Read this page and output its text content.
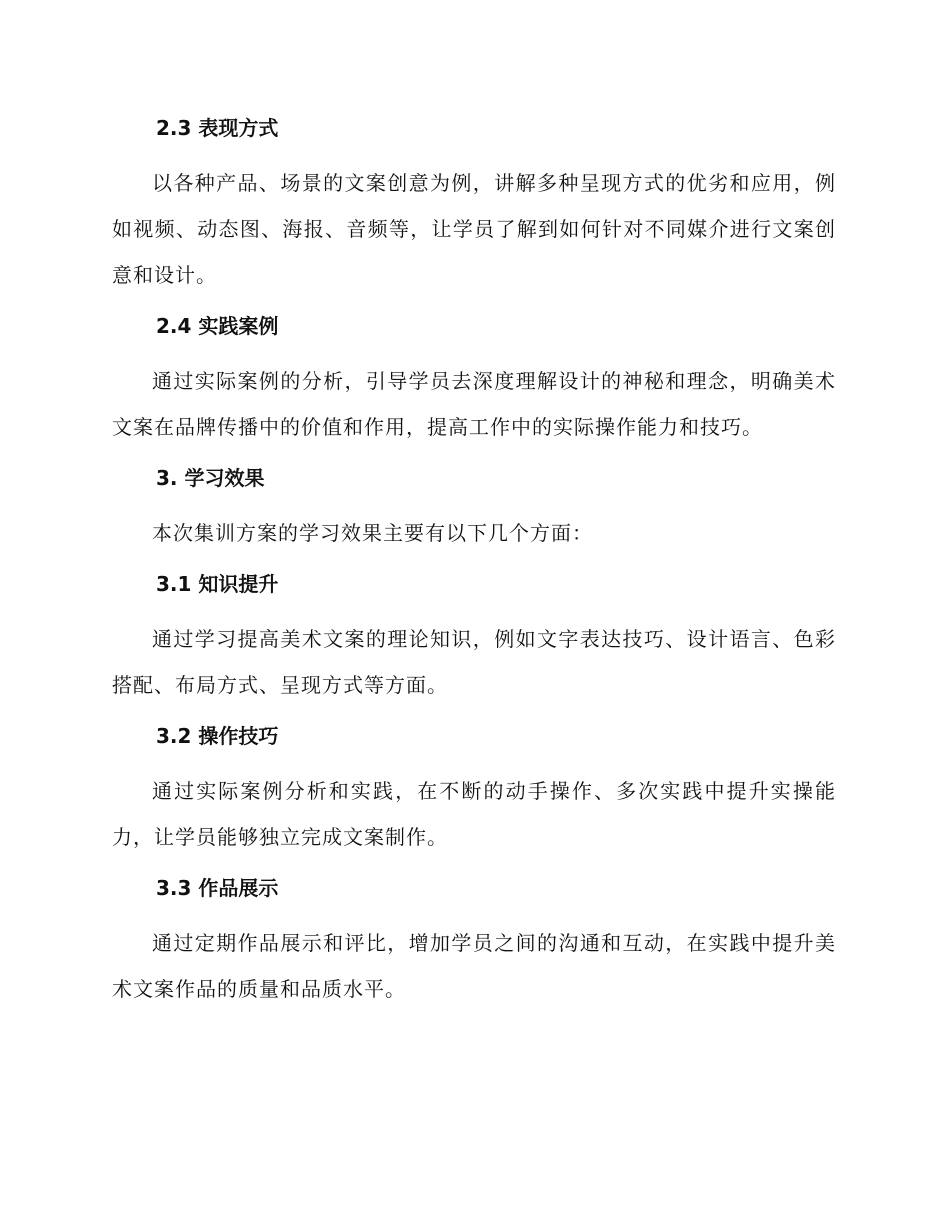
2.3 表现方式

以各种产品、场景的文案创意为例，讲解多种呈现方式的优劣和应用，例如视频、动态图、海报、音频等，让学员了解到如何针对不同媒介进行文案创意和设计。

2.4 实践案例

通过实际案例的分析，引导学员去深度理解设计的神秘和理念，明确美术文案在品牌传播中的价值和作用，提高工作中的实际操作能力和技巧。

3. 学习效果

本次集训方案的学习效果主要有以下几个方面：

3.1 知识提升

通过学习提高美术文案的理论知识，例如文字表达技巧、设计语言、色彩搭配、布局方式、呈现方式等方面。

3.2 操作技巧

通过实际案例分析和实践，在不断的动手操作、多次实践中提升实操能力，让学员能够独立完成文案制作。

3.3 作品展示

通过定期作品展示和评比，增加学员之间的沟通和互动，在实践中提升美术文案作品的质量和品质水平。
